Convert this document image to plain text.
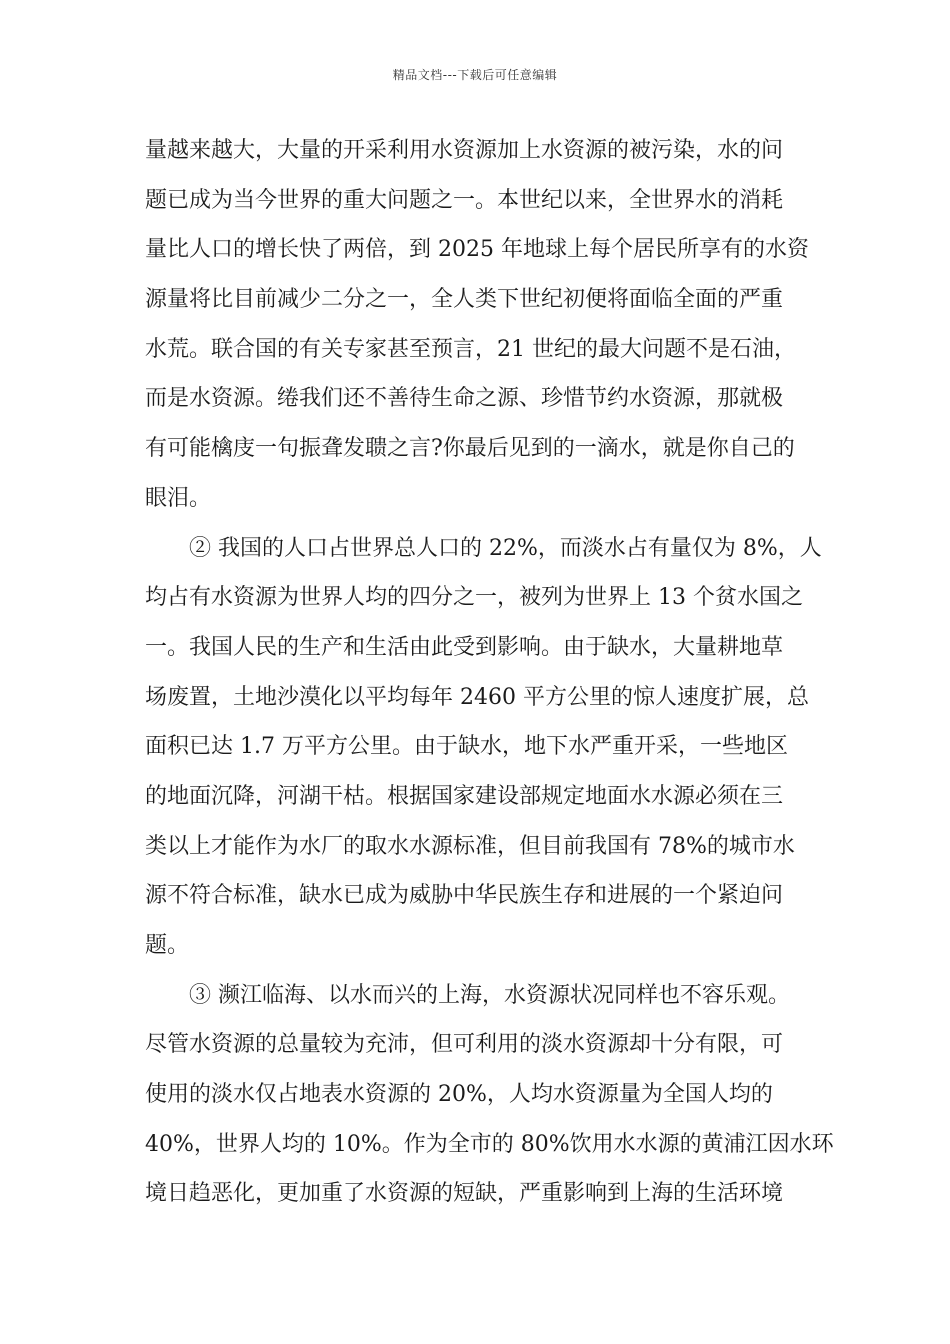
精品文档---下载后可任意编辑
量越来越大，大量的开采利用水资源加上水资源的被污染，水的问
题已成为当今世界的重大问题之一。本世纪以来，全世界水的消耗
量比人口的增长快了两倍，到 2025 年地球上每个居民所享有的水资
源量将比目前减少二分之一，全人类下世纪初便将面临全面的严重
水荒。联合国的有关专家甚至预言，21 世纪的最大问题不是石油，
而是水资源。绻我们还不善待生命之源、珍惜节约水资源，那就极
有可能檎庋一句振聋发聩之言?你最后见到的一滴水，就是你自己的
眼泪。
② 我国的人口占世界总人口的 22%，而淡水占有量仅为 8%，人
均占有水资源为世界人均的四分之一，被列为世界上 13 个贫水国之
一。我国人民的生产和生活由此受到影响。由于缺水，大量耕地草
场废置，土地沙漠化以平均每年 2460 平方公里的惊人速度扩展，总
面积已达 1.7 万平方公里。由于缺水，地下水严重开采，一些地区
的地面沉降，河湖干枯。根据国家建设部规定地面水水源必须在三
类以上才能作为水厂的取水水源标准，但目前我国有 78%的城市水
源不符合标准，缺水已成为威胁中华民族生存和进展的一个紧迫问
题。
③ 濒江临海、以水而兴的上海，水资源状况同样也不容乐观。
尽管水资源的总量较为充沛，但可利用的淡水资源却十分有限，可
使用的淡水仅占地表水资源的 20%，人均水资源量为全国人均的
40%，世界人均的 10%。作为全市的 80%饮用水水源的黄浦江因水环
境日趋恶化，更加重了水资源的短缺，严重影响到上海的生活环境
